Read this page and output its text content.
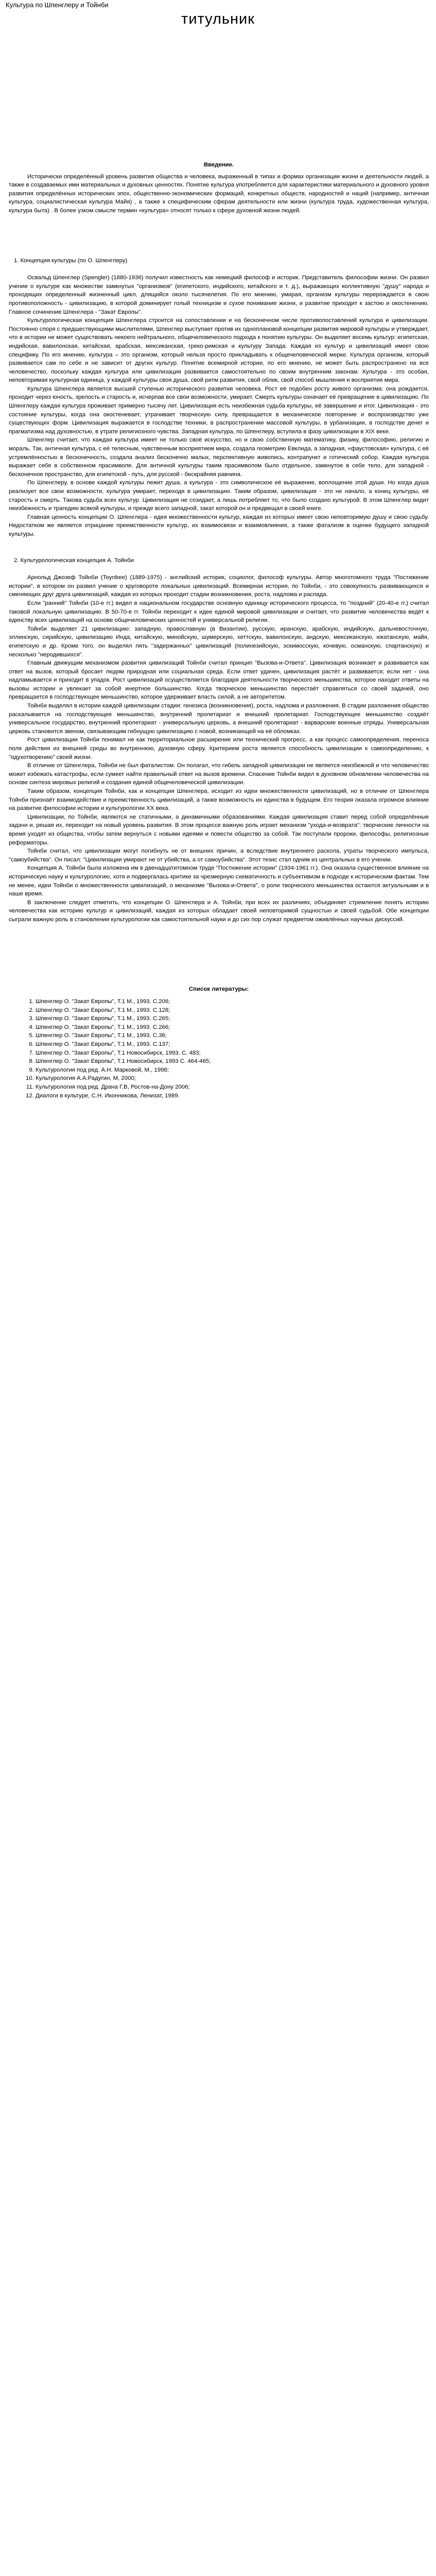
Культура по Шпенглеру и Тойнби
титульник
Введение.

Исторически определённый уровень развития общества и человека, выраженный в типах и формах организации жизни и деятельности людей, а также в создаваемых ими материальных и духовных ценностях. Понятие культура употребляется для характеристики материального и духовного уровня развития определённых исторических эпох, общественно-экономических формаций, конкретных обществ, народностей и наций (например, античная культура, социалистическая культура Майя) , а также к специфическим сферам деятельности или жизни (культура труда, художественная культура, культура быта) . В более узком смысле термин «культура» относят только к сфере духовной жизни людей.

1. Концепция культуры (по О. Шпенглеру)

Освальд Шпенглер (Spengler) (1880-1936) получил известность как немецкий философ и историк. Представитель философии жизни. Он развил учение о культуре как множестве замкнутых "организмов" (египетского, индийского, китайского и т. д.), выражающих коллективную "душу" народа и проходящих определенный жизненный цикл, длящийся около тысячелетия. По его мнению, умирая, организм культуры перерождается в свою противоположность - цивилизацию, в которой доминирует голый техницизм и сухое понимание жизни, и развитие приходит к застою и окостенению. Главное сочинение Шпенглера - "Закат Европы".

Культурологическая концепция Шпенглера строится на сопоставлении и на бесконечном числе противопоставлений культура и цивилизации. Постоянно споря с предшествующими мыслителями, Шпенглер выступает против их одноплановой концепции развития мировой культуры и утверждает, что в истории не может существовать некоего нейтрального, общечеловеческого подхода к понятию культуры. Он выделяет восемь культур: египетская, индийская, вавилонская, китайская, арабская, мексиканская, греко-римская и культуру Запада. Каждая из культур и цивилизаций имеет свою специфику. По его мнению, культура – это организм, который нельзя просто прикладывать к общечеловеческой мерке. Культура организм, который развивается сам по себе и не зависит от других культур. Понятие всемирной истории, по его мнению, не может быть распространено на все человечество, поскольку каждая культура или цивилизация развивается самостоятельно по своим внутренним законам. Культура - это особая, неповторимая культурная единица, у каждой культуры своя душа, свой ритм развития, свой облик, свой способ мышления и восприятия мира.

Культура Шпенглера является высшей ступенью исторического развития человека. Рост её подобен росту живого организма: она рождается, проходит через юность, зрелость и старость и, исчерпав все свои возможности, умирает. Смерть культуры означает её превращение в цивилизацию. По Шпенглеру каждая культура проживает примерно тысячу лет. Цивилизация есть неизбежная судьба культуры, её завершение и итог. Цивилизация - это состояние культуры, когда она окостеневает, утрачивает творческую силу, превращается в механическое повторение и воспроизводство уже существующих форм. Цивилизация выражается в господстве техники, в распространении массовой культуры, в урбанизации, в господстве денег и прагматизма над духовностью, в утрате религиозного чувства. Западная культура, по Шпенглеру, вступила в фазу цивилизации в XIX веке.

Шпенглер считает, что каждая культура имеет не только своё искусство, но и свою собственную математику, физику, философию, религию и мораль. Так, античная культура, с её телесным, чувственным восприятием мира, создала геометрию Евклида, а западная, «фаустовская» культура, с её устремлённостью в бесконечность, создала анализ бесконечно малых, перспективную живопись, контрапункт и готический собор. Каждая культура выражает себя в собственном прасимволе. Для античной культуры таким прасимволом было отдельное, замкнутое в себе тело, для западной - бесконечное пространство, для египетской - путь, для русской - бескрайняя равнина.

По Шпенглеру, в основе каждой культуры лежит душа, а культура - это символическое её выражение, воплощение этой души. Но когда душа реализует все свои возможности, культура умирает, переходя в цивилизацию. Таким образом, цивилизация - это не начало, а конец культуры, её старость и смерть. Такова судьба всех культур. Цивилизация не созидает, а лишь потребляет то, что было создано культурой. В этом Шпенглер видит неизбежность и трагедию всякой культуры, и прежде всего западной, закат которой он и предвещал в своей книге.

Главная ценность концепции О. Шпенглера - идея множественности культур, каждая из которых имеет свою неповторимую душу и свою судьбу. Недостатком же является отрицание преемственности культур, их взаимосвязи и взаимовлияния, а также фатализм в оценке будущего западной культуры.

2. Культурологическая концепция А. Тойнби

Арнольд Джозеф Тойнби (Toynbee) (1889-1975) - английский историк, социолог, философ культуры. Автор многотомного труда "Постижение истории", в котором он развил учение о круговороте локальных цивилизаций. Всемирная история, по Тойнби, - это совокупность развивающихся и сменяющих друг друга цивилизаций, каждая из которых проходит стадии возникновения, роста, надлома и распада.

Если "ранний" Тойнби (10-е гг.) видел в национальном государстве основную единицу исторического процесса, то "поздний" (20-40-е гг.) считал таковой локальную цивилизацию. В 50-70-е гг. Тойнби переходит к идее единой мировой цивилизации и считает, что развитие человечества ведёт к единству всех цивилизаций на основе общечеловеческих ценностей и универсальной религии.

Тойнби выделяет 21 цивилизацию: западную, православную (в Византии), русскую, иранскую, арабскую, индийскую, дальневосточную, эллинскую, сирийскую, цивилизацию Инда, китайскую, минойскую, шумерскую, хеттскую, вавилонскую, андскую, мексиканскую, юкатанскую, майя, египетскую и др. Кроме того, он выделял пять "задержанных" цивилизаций (полинезийскую, эскимосскую, кочевую, османскую, спартанскую) и несколько "неродившихся".

Главным движущим механизмом развития цивилизаций Тойнби считал принцип "Вызова-и-Ответа". Цивилизация возникает и развивается как ответ на вызов, который бросает людям природная или социальная среда. Если ответ удачен, цивилизация растёт и развивается; если нет - она надламывается и приходит в упадок. Рост цивилизаций осуществляется благодаря деятельности творческого меньшинства, которое находит ответы на вызовы истории и увлекает за собой инертное большинство. Когда творческое меньшинство перестаёт справляться со своей задачей, оно превращается в господствующее меньшинство, которое удерживает власть силой, а не авторитетом.

Тойнби выделял в истории каждой цивилизации стадии: генезиса (возникновения), роста, надлома и разложения. В стадии разложения общество раскалывается на господствующее меньшинство, внутренний пролетариат и внешний пролетариат. Господствующее меньшинство создаёт универсальное государство, внутренний пролетариат - универсальную церковь, а внешний пролетариат - варварские военные отряды. Универсальная церковь становится звеном, связывающим гибнущую цивилизацию с новой, возникающей на её обломках.

Рост цивилизации Тойнби понимал не как территориальное расширение или технический прогресс, а как процесс самоопределения, переноса поля действия из внешней среды во внутреннюю, духовную сферу. Критерием роста является способность цивилизации к самоопределению, к "одухотворению" своей жизни.

В отличие от Шпенглера, Тойнби не был фаталистом. Он полагал, что гибель западной цивилизации не является неизбежной и что человечество может избежать катастрофы, если сумеет найти правильный ответ на вызов времени. Спасение Тойнби видел в духовном обновлении человечества на основе синтеза мировых религий и создания единой общечеловеческой цивилизации.

Таким образом, концепция Тойнби, как и концепция Шпенглера, исходит из идеи множественности цивилизаций, но в отличие от Шпенглера Тойнби признаёт взаимодействие и преемственность цивилизаций, а также возможность их единства в будущем. Его теория оказала огромное влияние на развитие философии истории и культурологии XX века.

Цивилизации, по Тойнби, являются не статичными, а динамичными образованиями. Каждая цивилизация ставит перед собой определённые задачи и, решая их, переходит на новый уровень развития. В этом процессе важную роль играет механизм "ухода-и-возврата": творческие личности на время уходят из общества, чтобы затем вернуться с новыми идеями и повести общество за собой. Так поступали пророки, философы, религиозные реформаторы.

Тойнби считал, что цивилизации могут погибнуть не от внешних причин, а вследствие внутреннего раскола, утраты творческого импульса, "самоубийства". Он писал: "Цивилизации умирают не от убийства, а от самоубийства". Этот тезис стал одним из центральных в его учении.

Концепция А. Тойнби была изложена им в двенадцатитомном труде "Постижение истории" (1934-1961 гг.). Она оказала существенное влияние на историческую науку и культурологию, хотя и подвергалась критике за чрезмерную схематичность и субъективизм в подходе к историческим фактам. Тем не менее, идеи Тойнби о множественности цивилизаций, о механизме "Вызова-и-Ответа", о роли творческого меньшинства остаются актуальными и в наше время.

В заключение следует отметить, что концепции О. Шпенглера и А. Тойнби, при всех их различиях, объединяет стремление понять историю человечества как историю культур и цивилизаций, каждая из которых обладает своей неповторимой сущностью и своей судьбой. Обе концепции сыграли важную роль в становлении культурологии как самостоятельной науки и до сих пор служат предметом оживлённых научных дискуссий.

Список литературы:
1. Шпенглер О. "Закат Европы", Т.1 М., 1993. С.206;
2. Шпенглер О. "Закат Европы", Т.1 М., 1993. С.128;
3. Шпенглер О. "Закат Европы", Т.1 М., 1993. С.265;
4. Шпенглер О. "Закат Европы", Т.1 М., 1993. С.266;
5. Шпенглер О. "Закат Европы", Т.1 М., 1993. С.36;
6. Шпенглер О. "Закат Европы", Т.1 М., 1993. С.137;
7. Шпенглер О. "Закат Европы", Т.1 Новосибирск, 1993. С. 483;
8. Шпенглер О. "Закат Европы", Т.1 Новосибирск, 1993 С. 464-465;
9. Культурология под ред. А.Н. Марковой, М., 1998;
10. Культурология А.А.Радугин, М, 2000;
11. Культурология под ред. Драча Г.В, Ростов-на-Дону 2006;
12. Диалоги в культуре, С.Н. Иконникова, Ленизат, 1989.
